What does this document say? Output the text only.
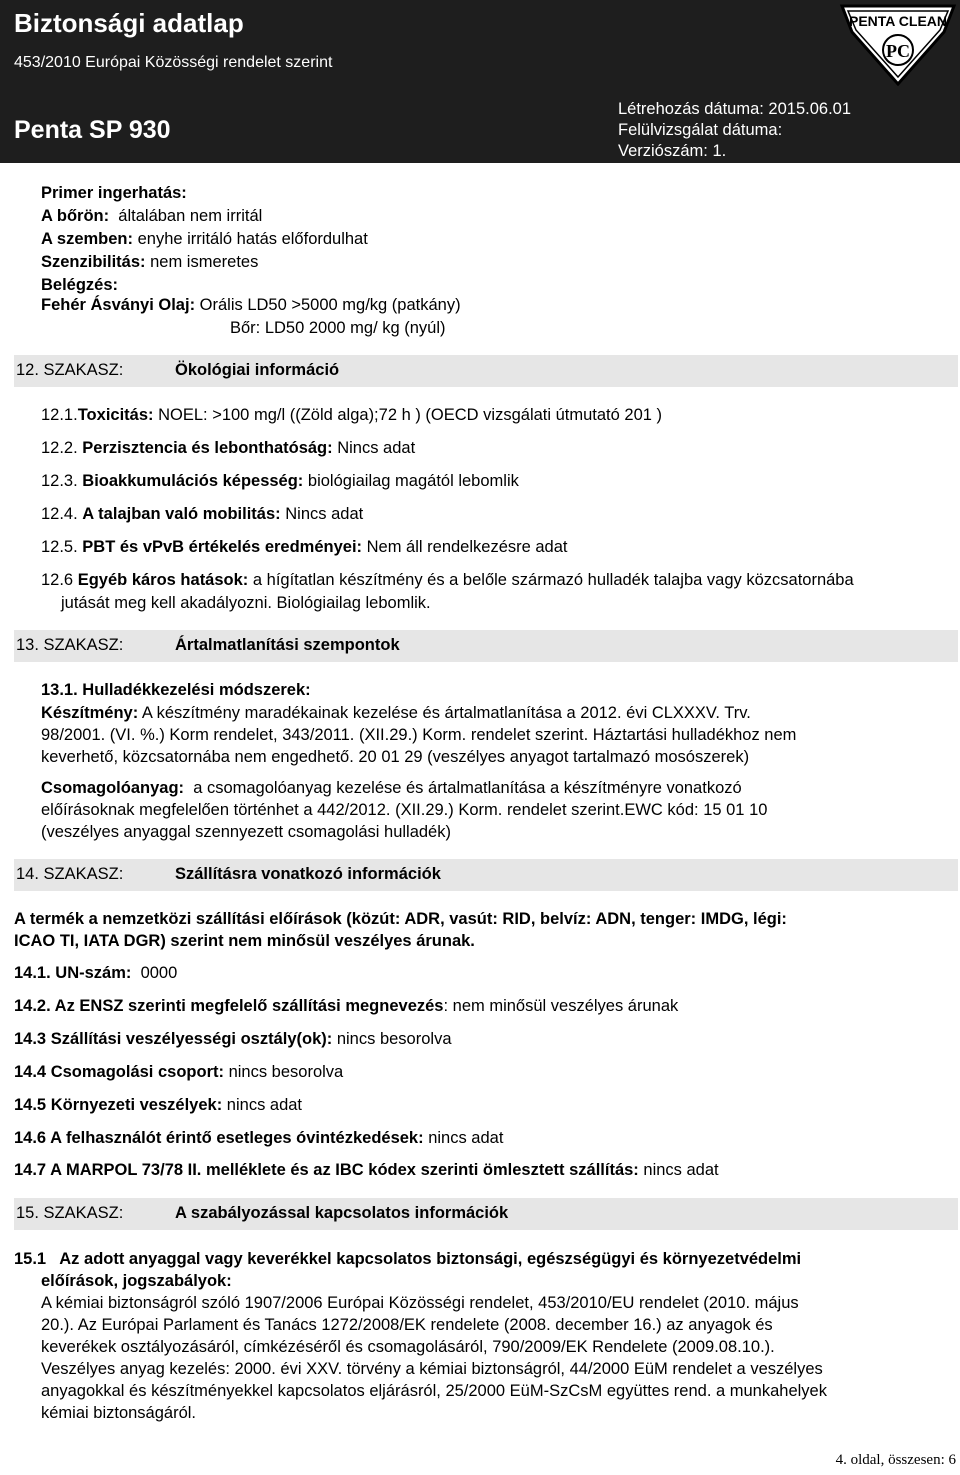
Biztonsági adatlap
453/2010 Európai Közösségi rendelet szerint
Penta SP 930
Létrehozás dátuma: 2015.06.01
Felülvizsgálat dátuma:
Verziószám: 1.
PENTA CLEAN
PC
Primer ingerhatás:
A bőrön: általában nem irritál
A szemben: enyhe irritáló hatás előfordulhat
Szenzibilitás: nem ismeretes
Belégzés:
Fehér Ásványi Olaj: Orális LD50 >5000 mg/kg (patkány)
Bőr: LD50 2000 mg/ kg (nyúl)
12. SZAKASZ:	Ökológiai információ
12.1.Toxicitás: NOEL: >100 mg/l ((Zöld alga);72 h ) (OECD vizsgálati útmutató 201 )
12.2. Perzisztencia és lebonthatóság: Nincs adat
12.3. Bioakkumulációs képesség: biológiailag magától lebomlik
12.4. A talajban való mobilitás: Nincs adat
12.5. PBT és vPvB értékelés eredményei: Nem áll rendelkezésre adat
12.6 Egyéb káros hatások: a hígítatlan készítmény és a belőle származó hulladék talajba vagy közcsatornába
jutását meg kell akadályozni. Biológiailag lebomlik.
13. SZAKASZ:	Ártalmatlanítási szempontok
13.1. Hulladékkezelési módszerek:
Készítmény: A készítmény maradékainak kezelése és ártalmatlanítása a 2012. évi CLXXXV. Trv.
98/2001. (VI. %.) Korm rendelet, 343/2011. (XII.29.) Korm. rendelet szerint. Háztartási hulladékhoz nem
keverhető, közcsatornába nem engedhető. 20 01 29 (veszélyes anyagot tartalmazó mosószerek)
Csomagolóanyag: a csomagolóanyag kezelése és ártalmatlanítása a készítményre vonatkozó
előírásoknak megfelelően történhet a 442/2012. (XII.29.) Korm. rendelet szerint.EWC kód: 15 01 10
(veszélyes anyaggal szennyezett csomagolási hulladék)
14. SZAKASZ:	Szállításra vonatkozó információk
A termék a nemzetközi szállítási előírások (közút: ADR, vasút: RID, belvíz: ADN, tenger: IMDG, légi:
ICAO TI, IATA DGR) szerint nem minősül veszélyes árunak.
14.1. UN-szám: 0000
14.2. Az ENSZ szerinti megfelelő szállítási megnevezés: nem minősül veszélyes árunak
14.3 Szállítási veszélyességi osztály(ok): nincs besorolva
14.4 Csomagolási csoport: nincs besorolva
14.5 Környezeti veszélyek: nincs adat
14.6 A felhasználót érintő esetleges óvintézkedések: nincs adat
14.7 A MARPOL 73/78 II. melléklete és az IBC kódex szerinti ömlesztett szállítás: nincs adat
15. SZAKASZ:	A szabályozással kapcsolatos információk
15.1 Az adott anyaggal vagy keverékkel kapcsolatos biztonsági, egészségügyi és környezetvédelmi
előírások, jogszabályok:
A kémiai biztonságról szóló 1907/2006 Európai Közösségi rendelet, 453/2010/EU rendelet (2010. május
20.). Az Európai Parlament és Tanács 1272/2008/EK rendelete (2008. december 16.) az anyagok és
keverékek osztályozásáról, címkézéséről és csomagolásáról, 790/2009/EK Rendelete (2009.08.10.).
Veszélyes anyag kezelés: 2000. évi XXV. törvény a kémiai biztonságról, 44/2000 EüM rendelet a veszélyes
anyagokkal és készítményekkel kapcsolatos eljárásról, 25/2000 EüM-SzCsM együttes rend. a munkahelyek
kémiai biztonságáról.
4. oldal, összesen: 6
